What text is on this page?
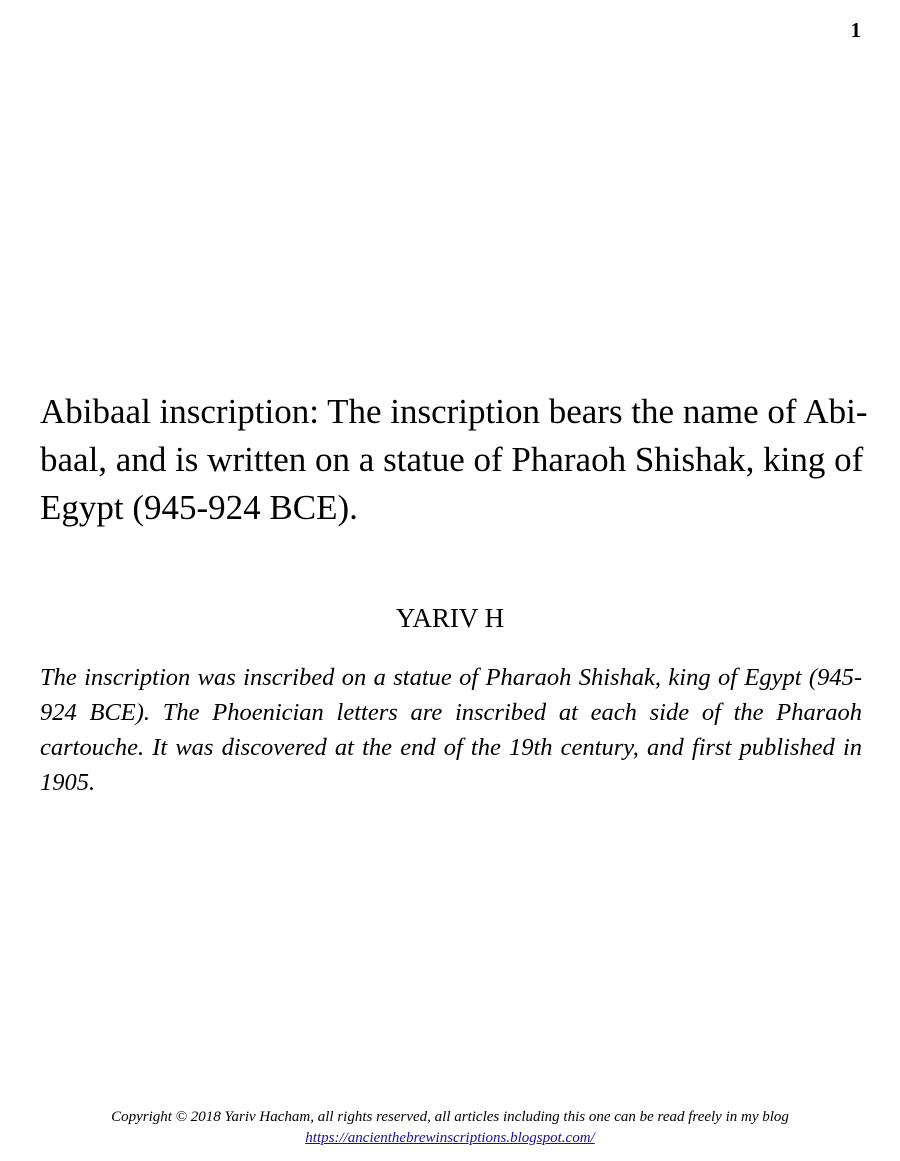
1
Abibaal inscription: The inscription bears the name of Abi-baal, and is written on a statue of Pharaoh Shishak, king of Egypt (945-924 BCE).

YARIV H

The inscription was inscribed on a statue of Pharaoh Shishak, king of Egypt (945-924 BCE). The Phoenician letters are inscribed at each side of the Pharaoh cartouche. It was discovered at the end of the 19th century, and first published in 1905.

Copyright © 2018 Yariv Hacham, all rights reserved, all articles including this one can be read freely in my blog
https://ancienthebrewinscriptions.blogspot.com/
